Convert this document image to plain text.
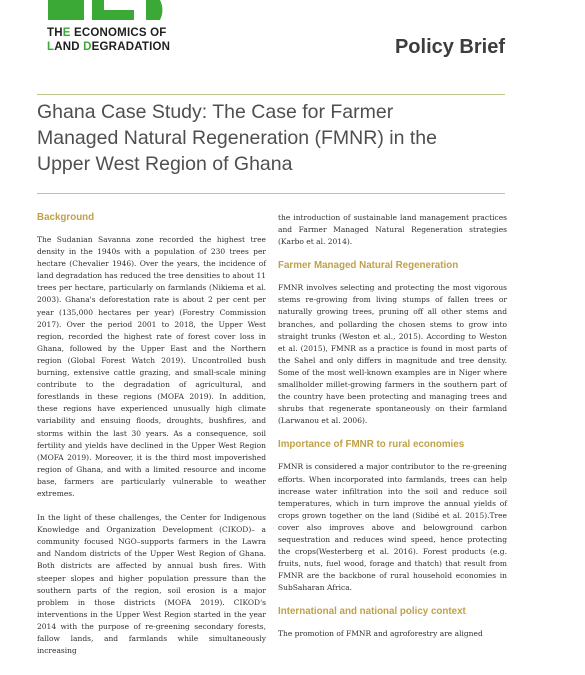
THE ECONOMICS OF
LAND DEGRADATION	Policy Brief
Ghana Case Study: The Case for Farmer Managed Natural Regeneration (FMNR) in the Upper West Region of Ghana
Background

The Sudanian Savanna zone recorded the highest tree density in the 1940s with a population of 230 trees per hectare (Chevalier 1946). Over the years, the incidence of land degradation has reduced the tree densities to about 11 trees per hectare, particularly on farmlands (Nikiema et al. 2003). Ghana's deforestation rate is about 2 per cent per year (135,000 hectares per year) (Forestry Commission 2017). Over the period 2001 to 2018, the Upper West region, recorded the highest rate of forest cover loss in Ghana, followed by the Upper East and the Northern region (Global Forest Watch 2019). Uncontrolled bush burning, extensive cattle grazing, and small-scale mining contribute to the degradation of agricultural, and forestlands in these regions (MOFA 2019). In addition, these regions have experienced unusually high climate variability and ensuing floods, droughts, bushfires, and storms within the last 30 years. As a consequence, soil fertility and yields have declined in the Upper West Region (MOFA 2019). Moreover, it is the third most impoverished region of Ghana, and with a limited resource and income base, farmers are particularly vulnerable to weather extremes.

In the light of these challenges, the Center for Indigenous Knowledge and Organization Development (CIKOD)– a community focused NGO–supports farmers in the Lawra and Nandom districts of the Upper West Region of Ghana. Both districts are affected by annual bush fires. With steeper slopes and higher population pressure than the southern parts of the region, soil erosion is a major problem in those districts (MOFA 2019). CIKOD's interventions in the Upper West Region started in the year 2014 with the purpose of re-greening secondary forests, fallow lands, and farmlands while simultaneously increasing

the introduction of sustainable land management practices and Farmer Managed Natural Regeneration strategies (Karbo et al. 2014).

Farmer Managed Natural Regeneration

FMNR involves selecting and protecting the most vigorous stems re-growing from living stumps of fallen trees or naturally growing trees, pruning off all other stems and branches, and pollarding the chosen stems to grow into straight trunks (Weston et al., 2015). According to Weston et al. (2015), FMNR as a practice is found in most parts of the Sahel and only differs in magnitude and tree density. Some of the most well-known examples are in Niger where smallholder millet-growing farmers in the southern part of the country have been protecting and managing trees and shrubs that regenerate spontaneously on their farmland (Larwanou et al. 2006).

Importance of FMNR to rural economies

FMNR is considered a major contributor to the re-greening efforts. When incorporated into farmlands, trees can help increase water infiltration into the soil and reduce soil temperatures, which in turn improve the annual yields of crops grown together on the land (Sidibé et al. 2015).Tree cover also improves above and belowground carbon sequestration and reduces wind speed, hence protecting the crops(Westerberg et al. 2016). Forest products (e.g. fruits, nuts, fuel wood, forage and thatch) that result from FMNR are the backbone of rural household economies in SubSaharan Africa.

International and national policy context

The promotion of FMNR and agroforestry are aligned
